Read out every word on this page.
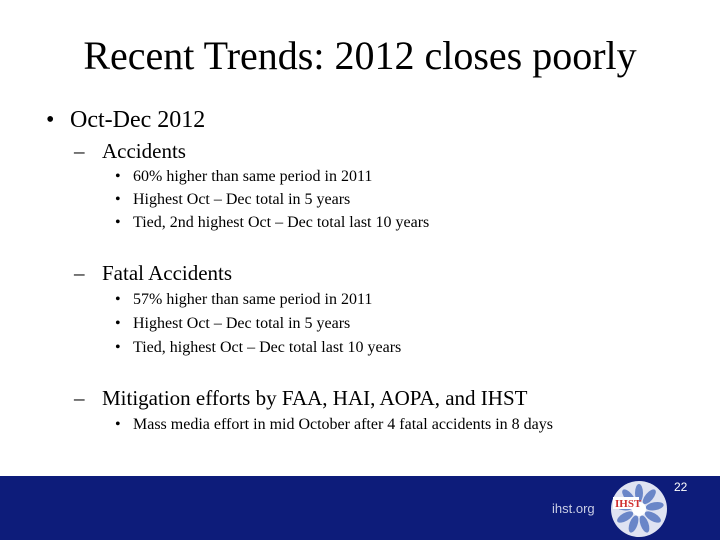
Recent Trends: 2012 closes poorly
• Oct-Dec 2012
– Accidents
• 60% higher than same period in 2011
• Highest Oct – Dec total in 5 years
• Tied, 2nd highest Oct – Dec total last 10 years
– Fatal Accidents
• 57% higher than same period in 2011
• Highest Oct – Dec total in 5 years
• Tied, highest Oct – Dec total last 10 years
– Mitigation efforts by FAA, HAI, AOPA, and IHST
• Mass media effort in mid October after 4 fatal accidents in 8 days
ihst.org IHST
22
